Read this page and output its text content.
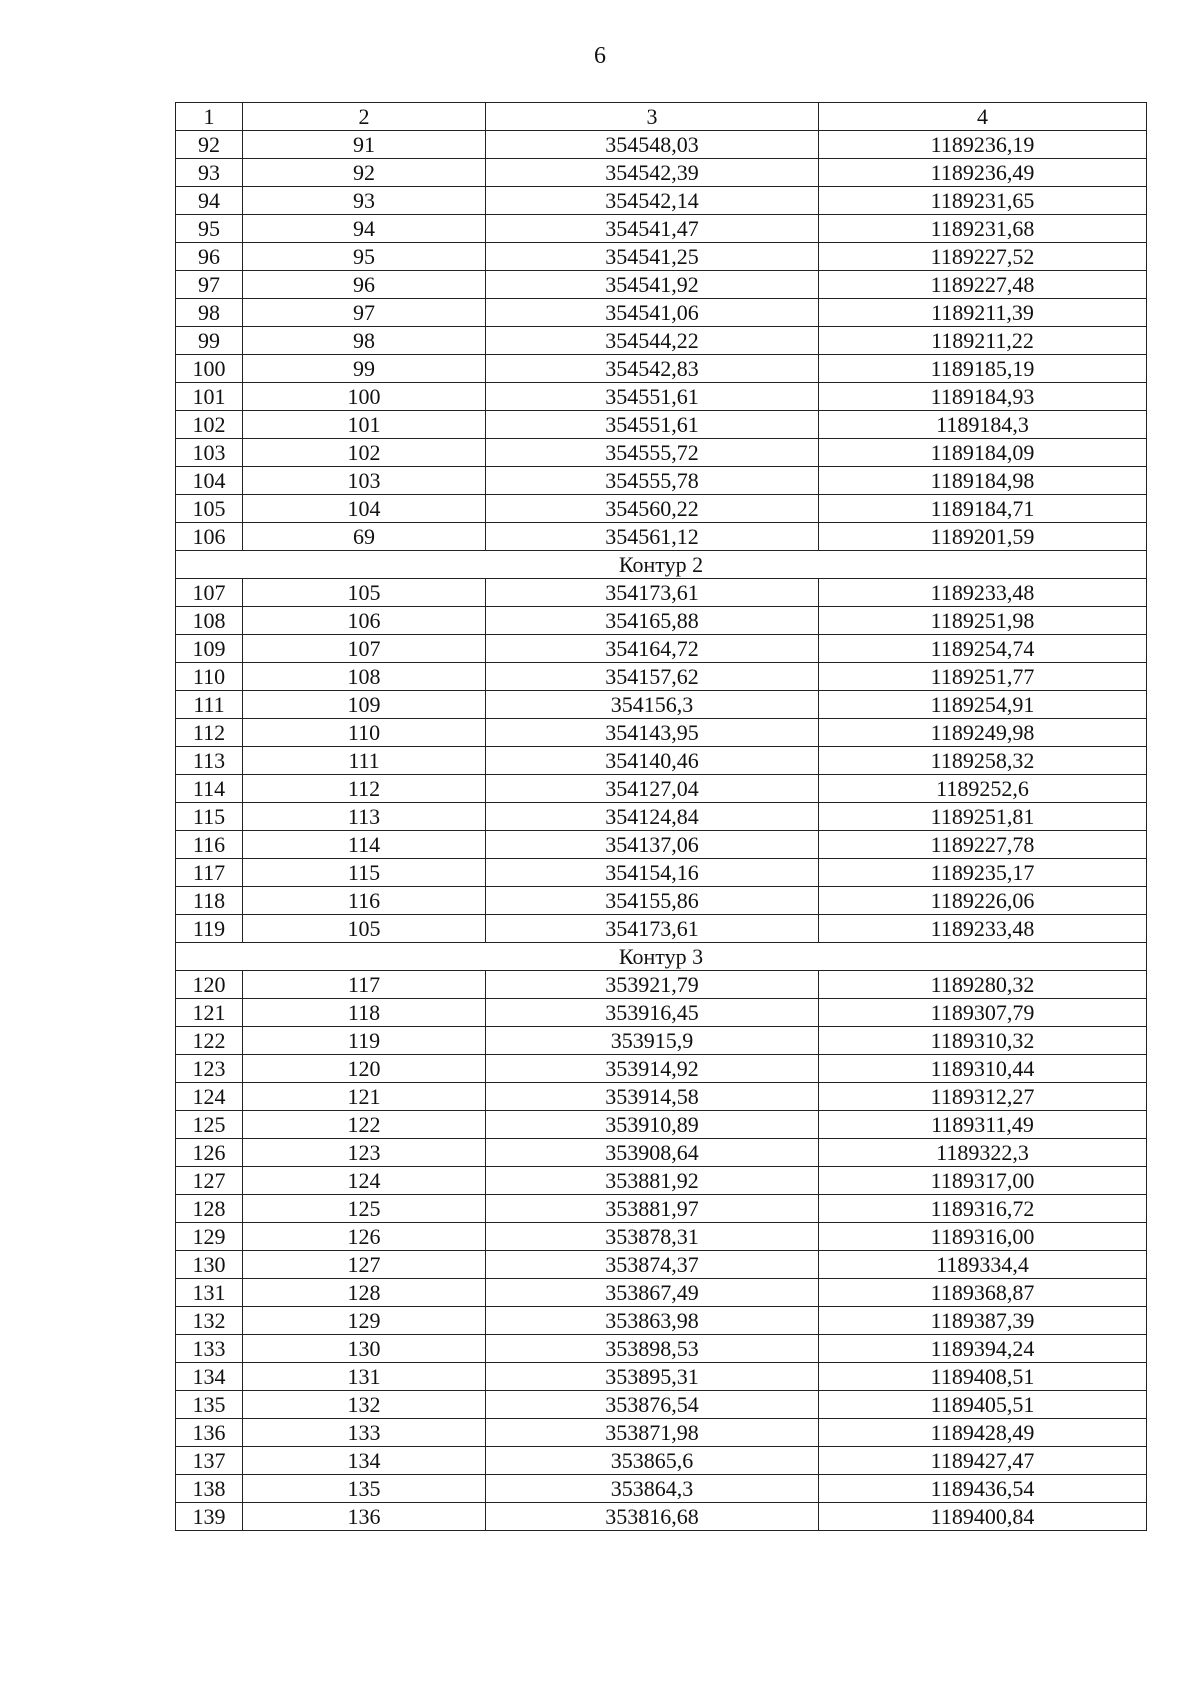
6
1	2	3	4
92	91	354548,03	1189236,19
93	92	354542,39	1189236,49
94	93	354542,14	1189231,65
95	94	354541,47	1189231,68
96	95	354541,25	1189227,52
97	96	354541,92	1189227,48
98	97	354541,06	1189211,39
99	98	354544,22	1189211,22
100	99	354542,83	1189185,19
101	100	354551,61	1189184,93
102	101	354551,61	1189184,3
103	102	354555,72	1189184,09
104	103	354555,78	1189184,98
105	104	354560,22	1189184,71
106	69	354561,12	1189201,59
Контур 2			
107	105	354173,61	1189233,48
108	106	354165,88	1189251,98
109	107	354164,72	1189254,74
110	108	354157,62	1189251,77
111	109	354156,3	1189254,91
112	110	354143,95	1189249,98
113	111	354140,46	1189258,32
114	112	354127,04	1189252,6
115	113	354124,84	1189251,81
116	114	354137,06	1189227,78
117	115	354154,16	1189235,17
118	116	354155,86	1189226,06
119	105	354173,61	1189233,48
Контур 3			
120	117	353921,79	1189280,32
121	118	353916,45	1189307,79
122	119	353915,9	1189310,32
123	120	353914,92	1189310,44
124	121	353914,58	1189312,27
125	122	353910,89	1189311,49
126	123	353908,64	1189322,3
127	124	353881,92	1189317,00
128	125	353881,97	1189316,72
129	126	353878,31	1189316,00
130	127	353874,37	1189334,4
131	128	353867,49	1189368,87
132	129	353863,98	1189387,39
133	130	353898,53	1189394,24
134	131	353895,31	1189408,51
135	132	353876,54	1189405,51
136	133	353871,98	1189428,49
137	134	353865,6	1189427,47
138	135	353864,3	1189436,54
139	136	353816,68	1189400,84
